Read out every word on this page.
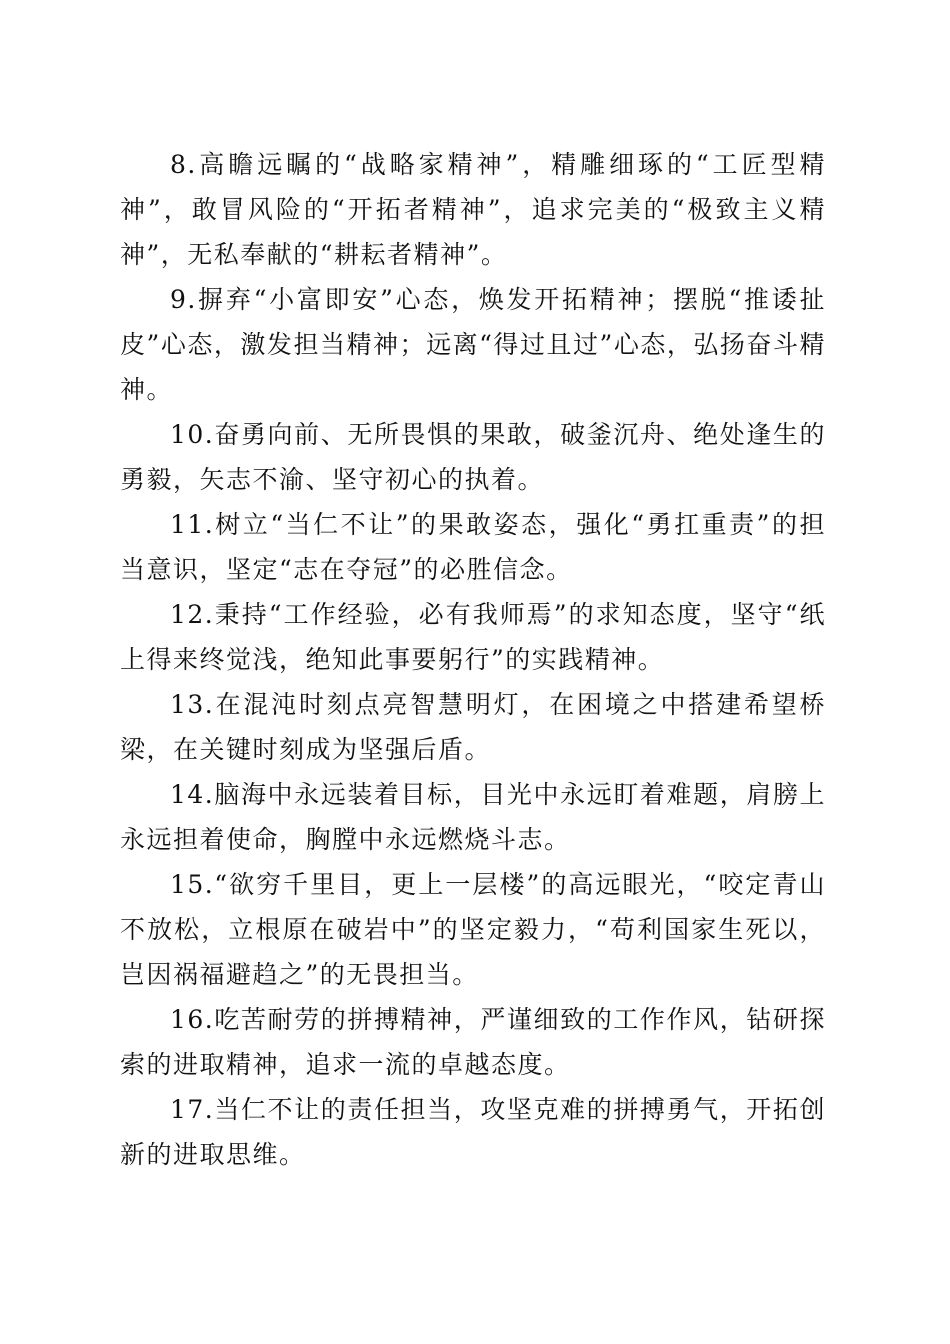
8.高瞻远瞩的“战略家精神”，精雕细琢的“工匠型精神”，敢冒风险的“开拓者精神”，追求完美的“极致主义精神”，无私奉献的“耕耘者精神”。

9.摒弃“小富即安”心态，焕发开拓精神；摆脱“推诿扯皮”心态，激发担当精神；远离“得过且过”心态，弘扬奋斗精神。

10.奋勇向前、无所畏惧的果敢，破釜沉舟、绝处逢生的勇毅，矢志不渝、坚守初心的执着。

11.树立“当仁不让”的果敢姿态，强化“勇扛重责”的担当意识，坚定“志在夺冠”的必胜信念。

12.秉持“工作经验，必有我师焉”的求知态度，坚守“纸上得来终觉浅，绝知此事要躬行”的实践精神。

13.在混沌时刻点亮智慧明灯，在困境之中搭建希望桥梁，在关键时刻成为坚强后盾。

14.脑海中永远装着目标，目光中永远盯着难题，肩膀上永远担着使命，胸膛中永远燃烧斗志。

15.“欲穷千里目，更上一层楼”的高远眼光，“咬定青山不放松，立根原在破岩中”的坚定毅力，“苟利国家生死以，岂因祸福避趋之”的无畏担当。

16.吃苦耐劳的拼搏精神，严谨细致的工作作风，钻研探索的进取精神，追求一流的卓越态度。

17.当仁不让的责任担当，攻坚克难的拼搏勇气，开拓创新的进取思维。
